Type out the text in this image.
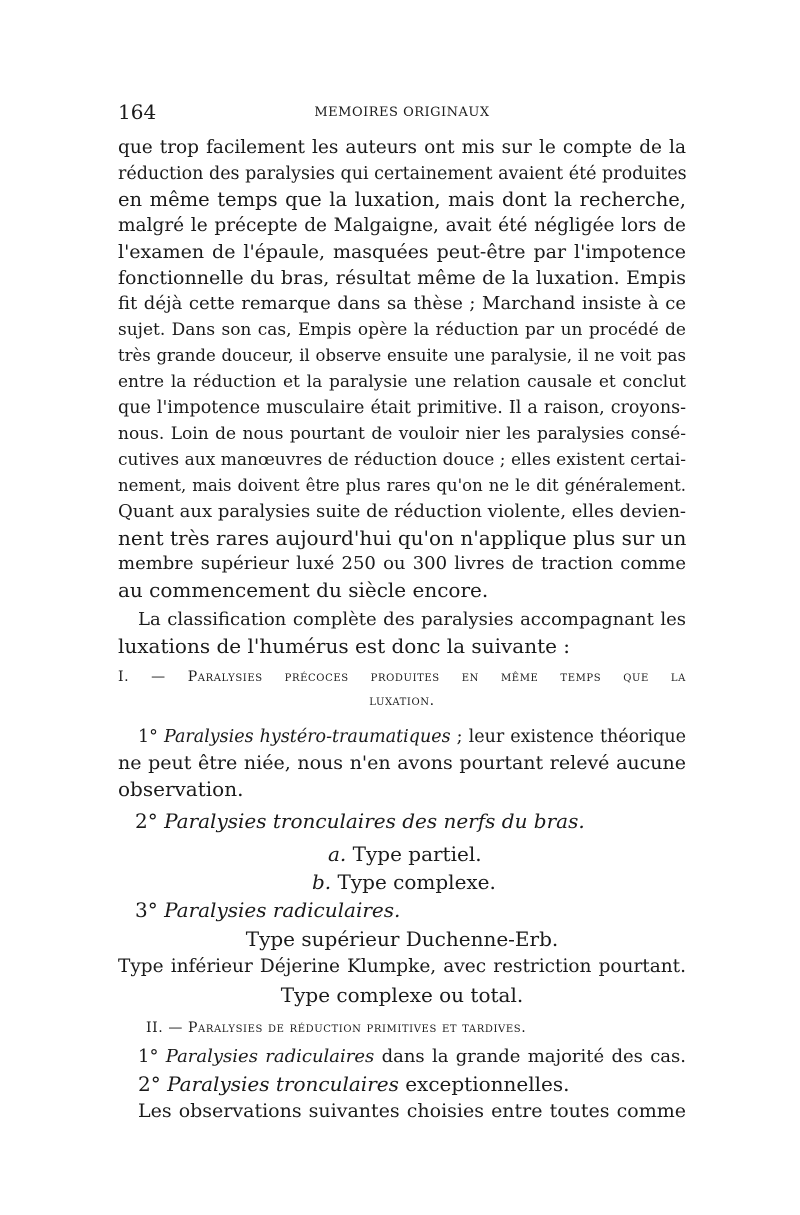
164	MEMOIRES ORIGINAUX
que trop facilement les auteurs ont mis sur le compte de la
réduction des paralysies qui certainement avaient été produites
en même temps que la luxation, mais dont la recherche,
malgré le précepte de Malgaigne, avait été négligée lors de
l'examen de l'épaule, masquées peut-être par l'impotence
fonctionnelle du bras, résultat même de la luxation. Empis
fit déjà cette remarque dans sa thèse ; Marchand insiste à ce
sujet. Dans son cas, Empis opère la réduction par un procédé de
très grande douceur, il observe ensuite une paralysie, il ne voit pas
entre la réduction et la paralysie une relation causale et conclut
que l'impotence musculaire était primitive. Il a raison, croyons-
nous. Loin de nous pourtant de vouloir nier les paralysies consé-
cutives aux manœuvres de réduction douce ; elles existent certai-
nement, mais doivent être plus rares qu'on ne le dit généralement.
Quant aux paralysies suite de réduction violente, elles devien-
nent très rares aujourd'hui qu'on n'applique plus sur un
membre supérieur luxé 250 ou 300 livres de traction comme
au commencement du siècle encore.
La classification complète des paralysies accompagnant les
luxations de l'humérus est donc la suivante :
I. — Paralysies précoces produites en même temps que la
luxation.
1° Paralysies hystéro-traumatiques ; leur existence théorique
ne peut être niée, nous n'en avons pourtant relevé aucune
observation.
2° Paralysies tronculaires des nerfs du bras.
a. Type partiel.
b. Type complexe.
3° Paralysies radiculaires.
Type supérieur Duchenne-Erb.
Type inférieur Déjerine Klumpke, avec restriction pourtant.
Type complexe ou total.
II. — Paralysies de réduction primitives et tardives.
1° Paralysies radiculaires dans la grande majorité des cas.
2° Paralysies tronculaires exceptionnelles.
Les observations suivantes choisies entre toutes comme
